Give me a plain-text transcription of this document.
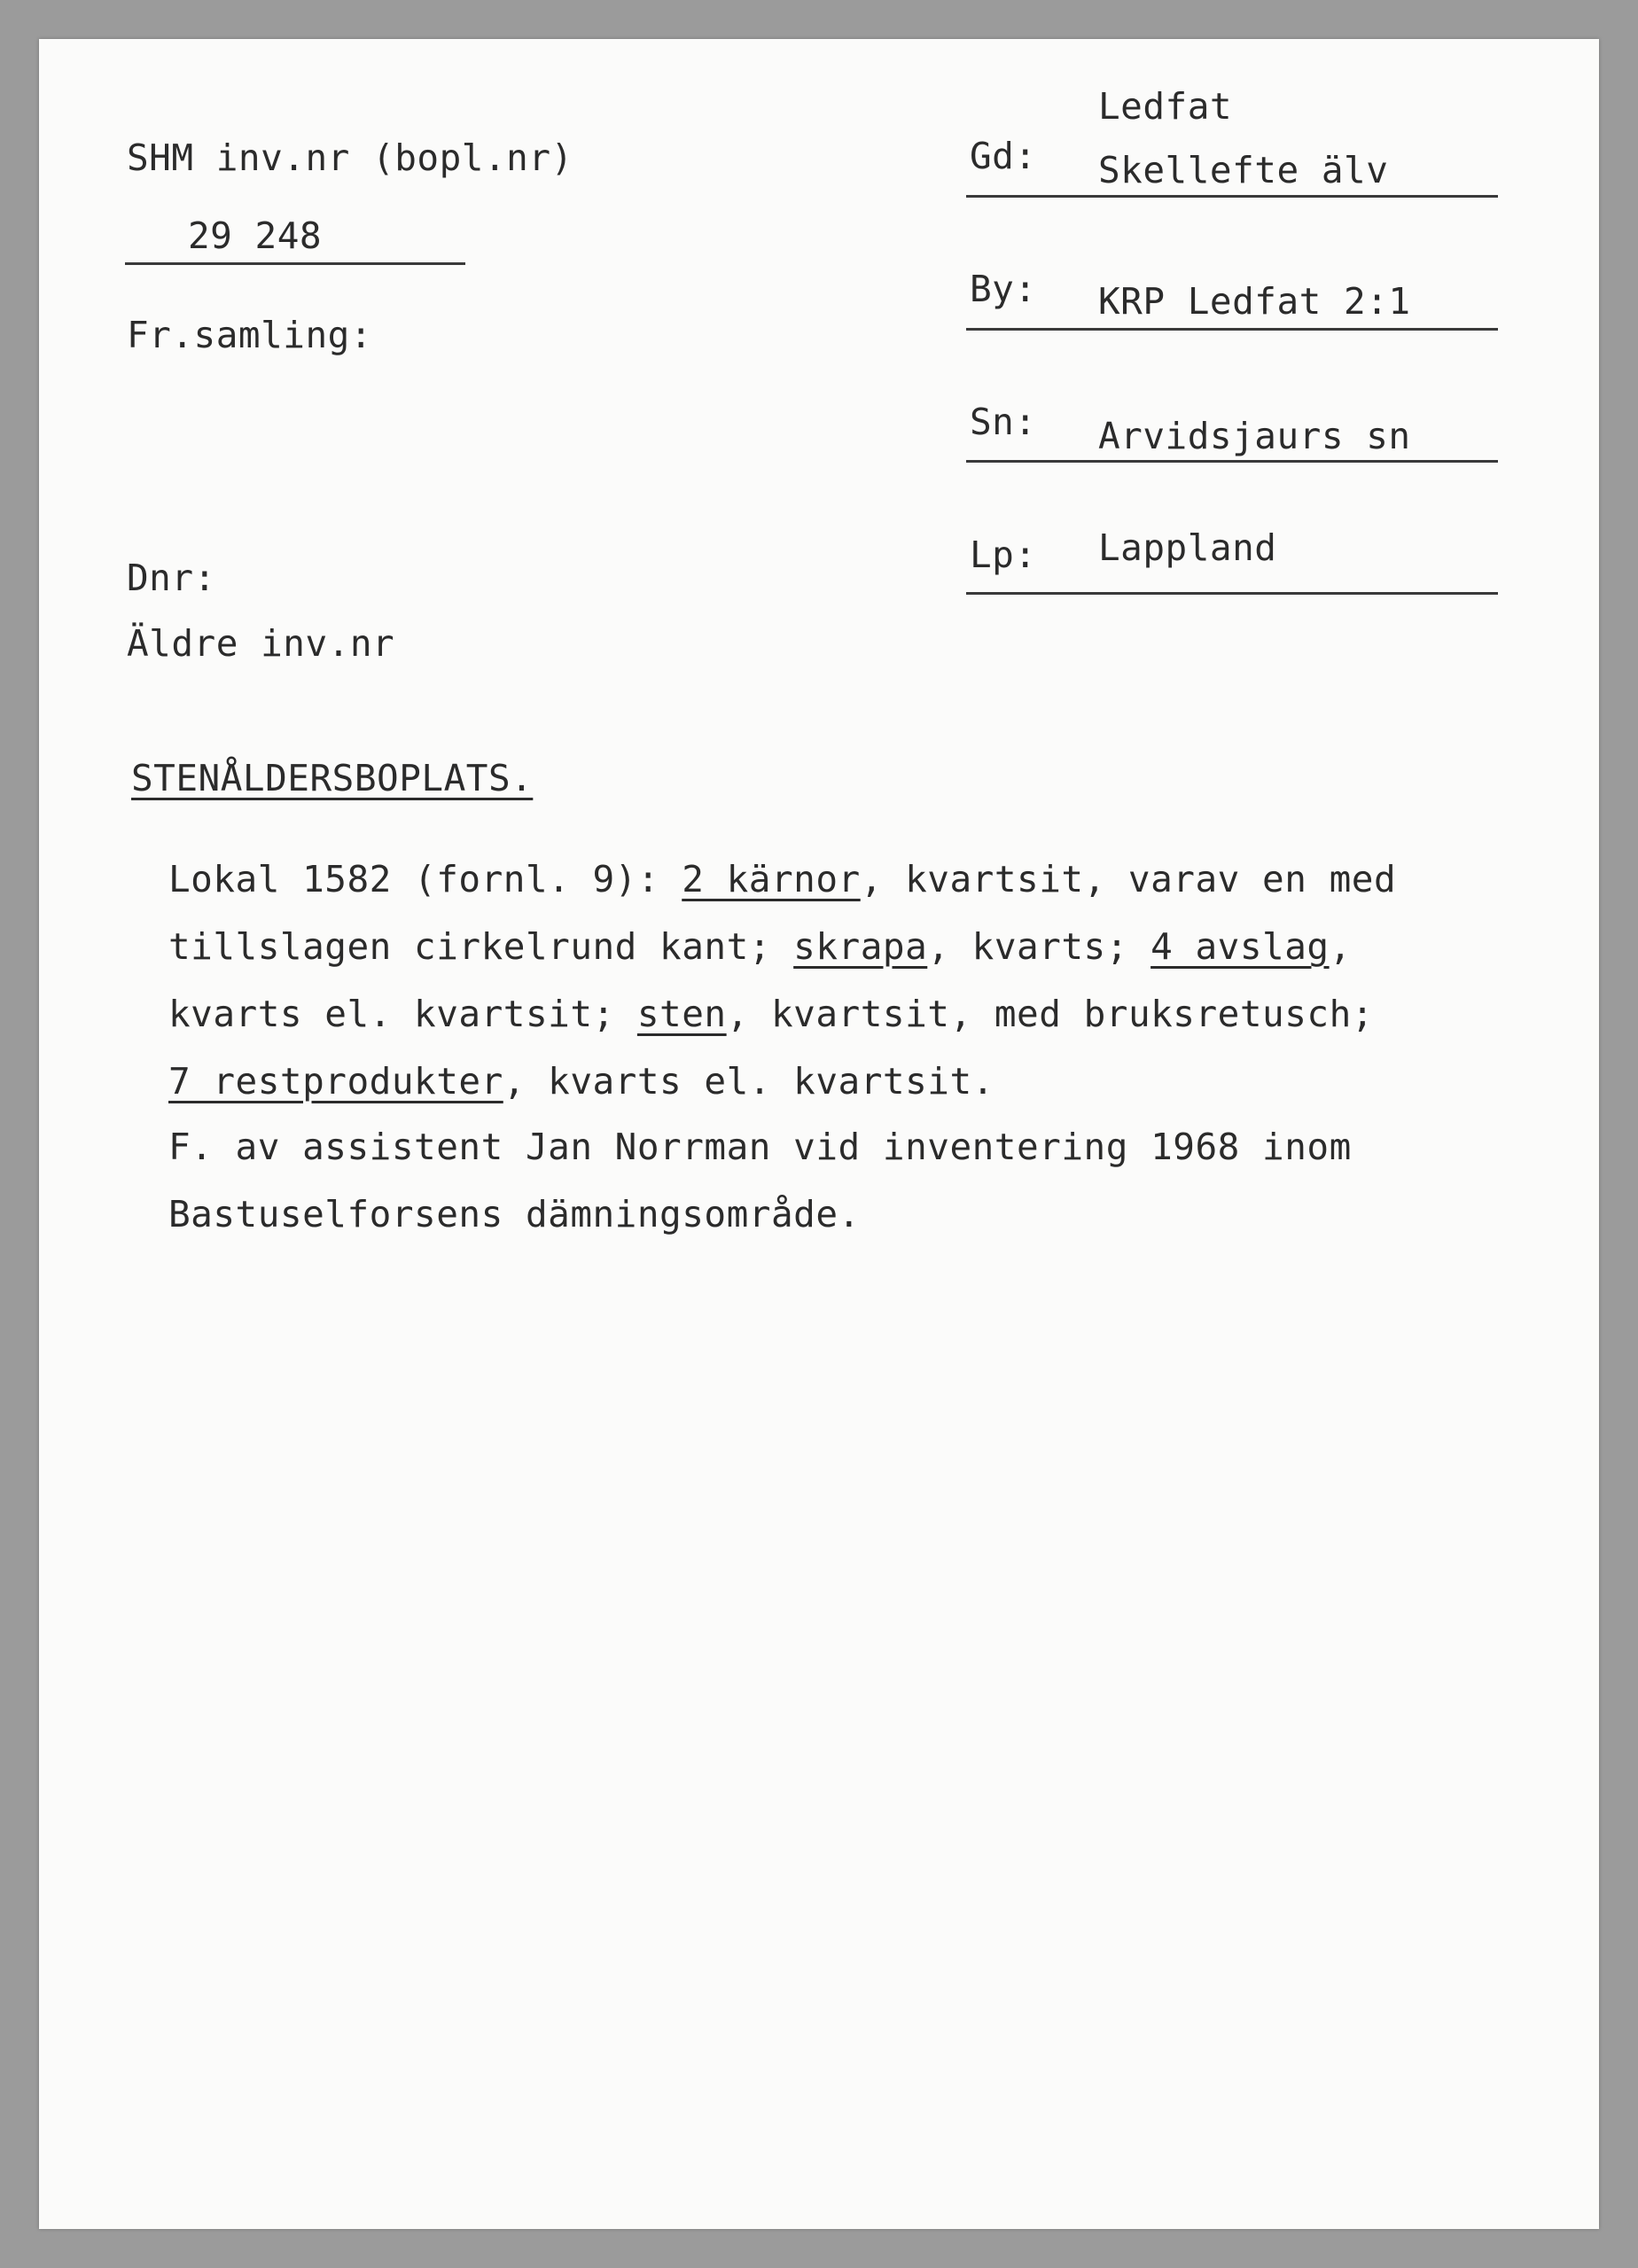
SHM inv.nr (bopl.nr)
29 248
Fr.samling:
Dnr:
Äldre inv.nr
Ledfat
Gd: Skellefte älv
By: KRP Ledfat 2:1
Sn: Arvidsjaurs sn
Lp: Lappland
STENÅLDERSBOPLATS.
Lokal 1582 (fornl. 9): 2 kärnor, kvartsit, varav en med
tillslagen cirkelrund kant; skrapa, kvarts; 4 avslag,
kvarts el. kvartsit; sten, kvartsit, med bruksretusch;
7 restprodukter, kvarts el. kvartsit.
F. av assistent Jan Norrman vid inventering 1968 inom
Bastuselforsens dämningsområde.
